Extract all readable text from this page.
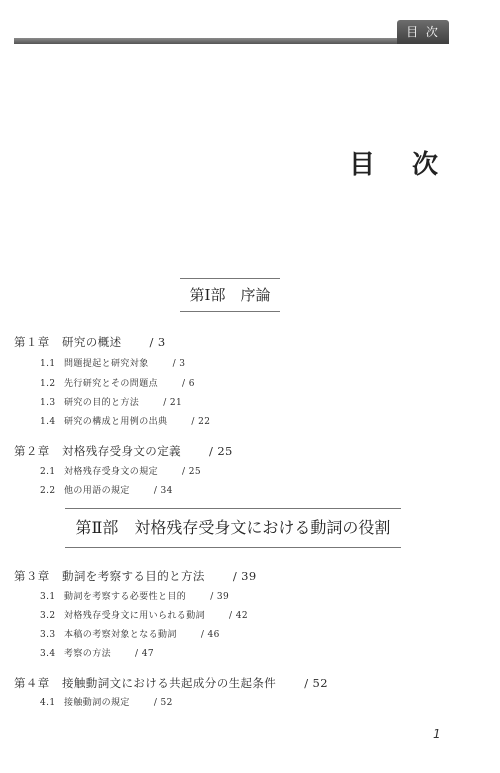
目 次
目 次
第Ⅰ部　序論
第１章 研究の概述 / 3
1.1 問題提起と研究対象	/ 3
1.2 先行研究とその問題点	/ 6
1.3 研究の目的と方法	/ 21
1.4 研究の構成と用例の出典	/ 22
第２章 対格残存受身文の定義 / 25
2.1 対格残存受身文の規定	/ 25
2.2 他の用語の規定	/ 34
第Ⅱ部　対格残存受身文における動詞の役割
第３章 動詞を考察する目的と方法 / 39
3.1 動詞を考察する必要性と目的	/ 39
3.2 対格残存受身文に用いられる動詞	/ 42
3.3 本稿の考察対象となる動詞	/ 46
3.4 考察の方法	/ 47
第４章 接触動詞文における共起成分の生起条件 / 52
4.1 接触動詞の規定	/ 52
1
